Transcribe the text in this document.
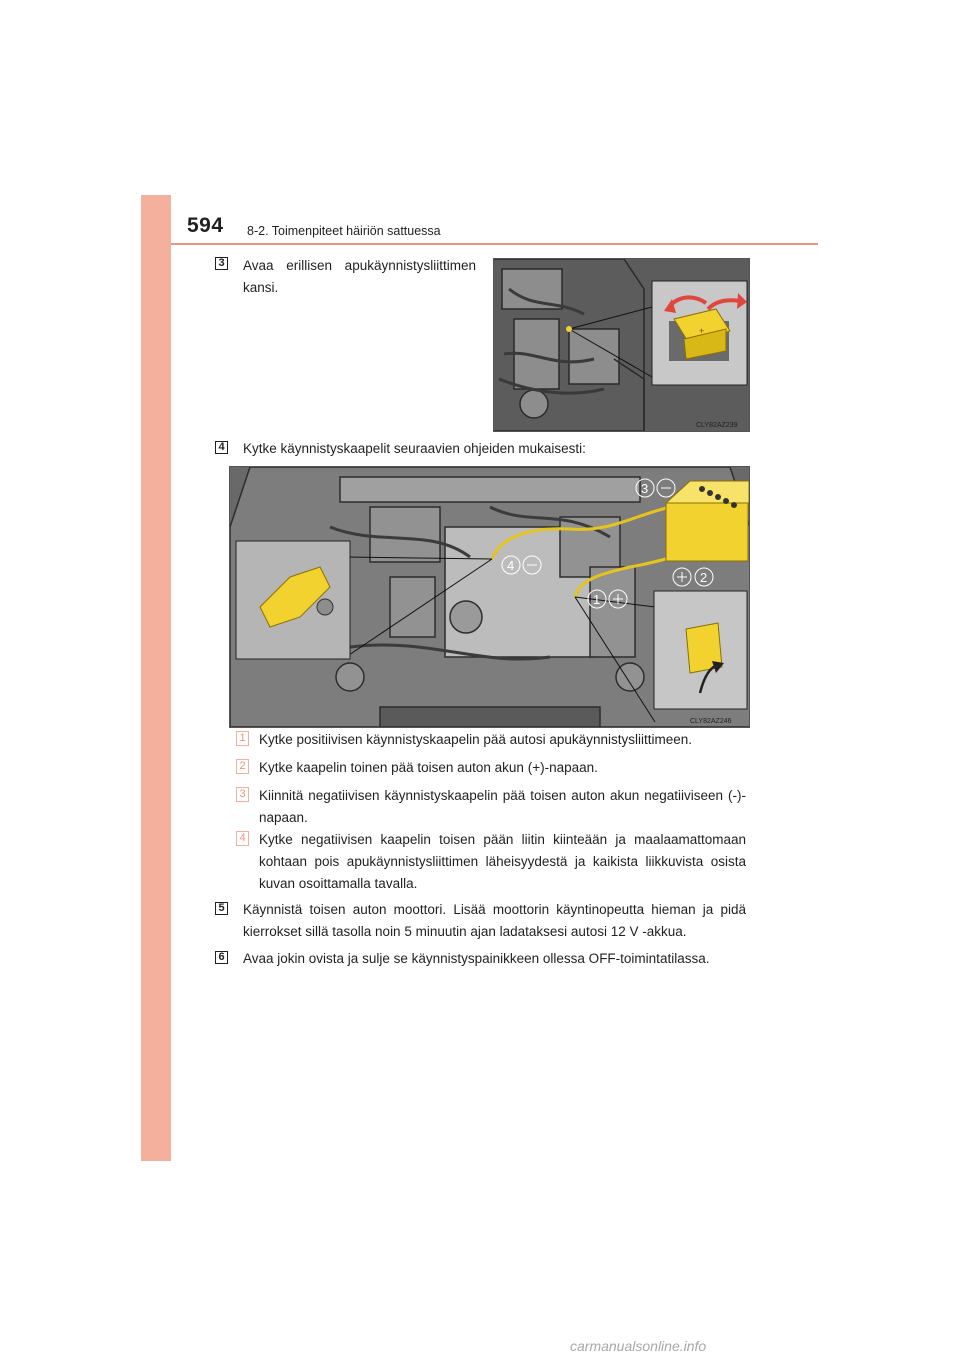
594 8-2. Toimenpiteet häiriön sattuessa
3 Avaa erillisen apukäynnistysliittimen kansi.
+
CLY82AZ239
4 Kytke käynnistyskaapelit seuraavien ohjeiden mukaisesti:
3
2
4
1
CLY82AZ246
1 Kytke positiivisen käynnistyskaapelin pää autosi apukäynnistysliittimeen.
2 Kytke kaapelin toinen pää toisen auton akun (+)-napaan.
3 Kiinnitä negatiivisen käynnistyskaapelin pää toisen auton akun negatiiviseen (-)-napaan.
4 Kytke negatiivisen kaapelin toisen pään liitin kiinteään ja maalaamattomaan kohtaan pois apukäynnistysliittimen läheisyydestä ja kaikista liikkuvista osista kuvan osoittamalla tavalla.
5 Käynnistä toisen auton moottori. Lisää moottorin käyntinopeutta hieman ja pidä kierrokset sillä tasolla noin 5 minuutin ajan ladataksesi autosi 12 V -akkua.
6 Avaa jokin ovista ja sulje se käynnistyspainikkeen ollessa OFF-toimintatilassa.
carmanualsonline.info
